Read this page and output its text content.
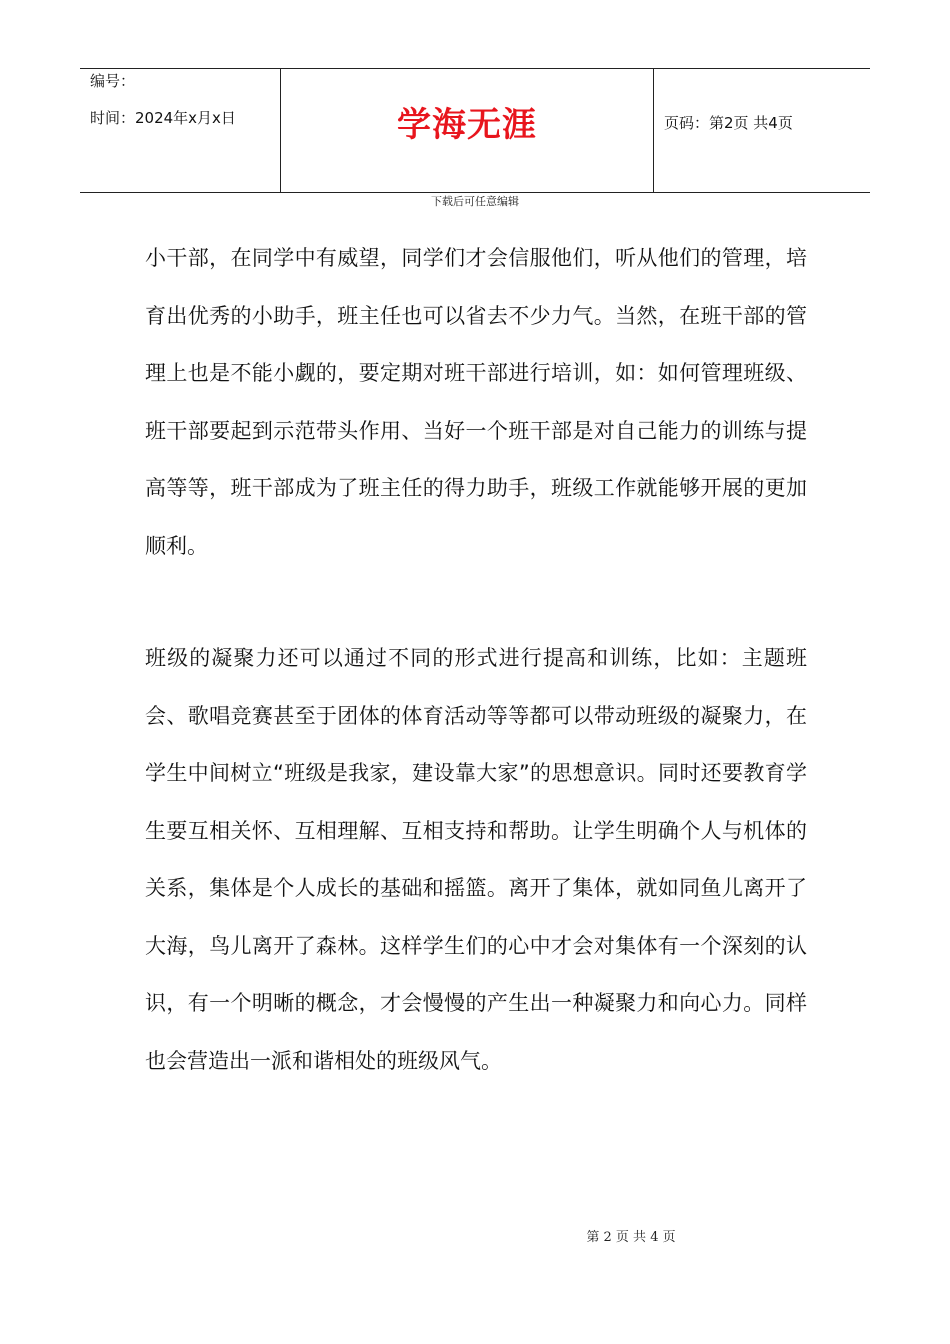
编号：
时间：2024年x月x日	学海无涯	页码：第2页 共4页
下载后可任意编辑

小干部，在同学中有威望，同学们才会信服他们，听从他们的管理，培育出优秀的小助手，班主任也可以省去不少力气。当然，在班干部的管理上也是不能小觑的，要定期对班干部进行培训，如：如何管理班级、班干部要起到示范带头作用、当好一个班干部是对自己能力的训练与提高等等，班干部成为了班主任的得力助手，班级工作就能够开展的更加顺利。

班级的凝聚力还可以通过不同的形式进行提高和训练，比如：主题班会、歌唱竞赛甚至于团体的体育活动等等都可以带动班级的凝聚力，在学生中间树立“班级是我家，建设靠大家”的思想意识。同时还要教育学生要互相关怀、互相理解、互相支持和帮助。让学生明确个人与机体的关系，集体是个人成长的基础和摇篮。离开了集体，就如同鱼儿离开了大海，鸟儿离开了森林。这样学生们的心中才会对集体有一个深刻的认识，有一个明晰的概念，才会慢慢的产生出一种凝聚力和向心力。同样也会营造出一派和谐相处的班级风气。

第 2 页 共 4 页
